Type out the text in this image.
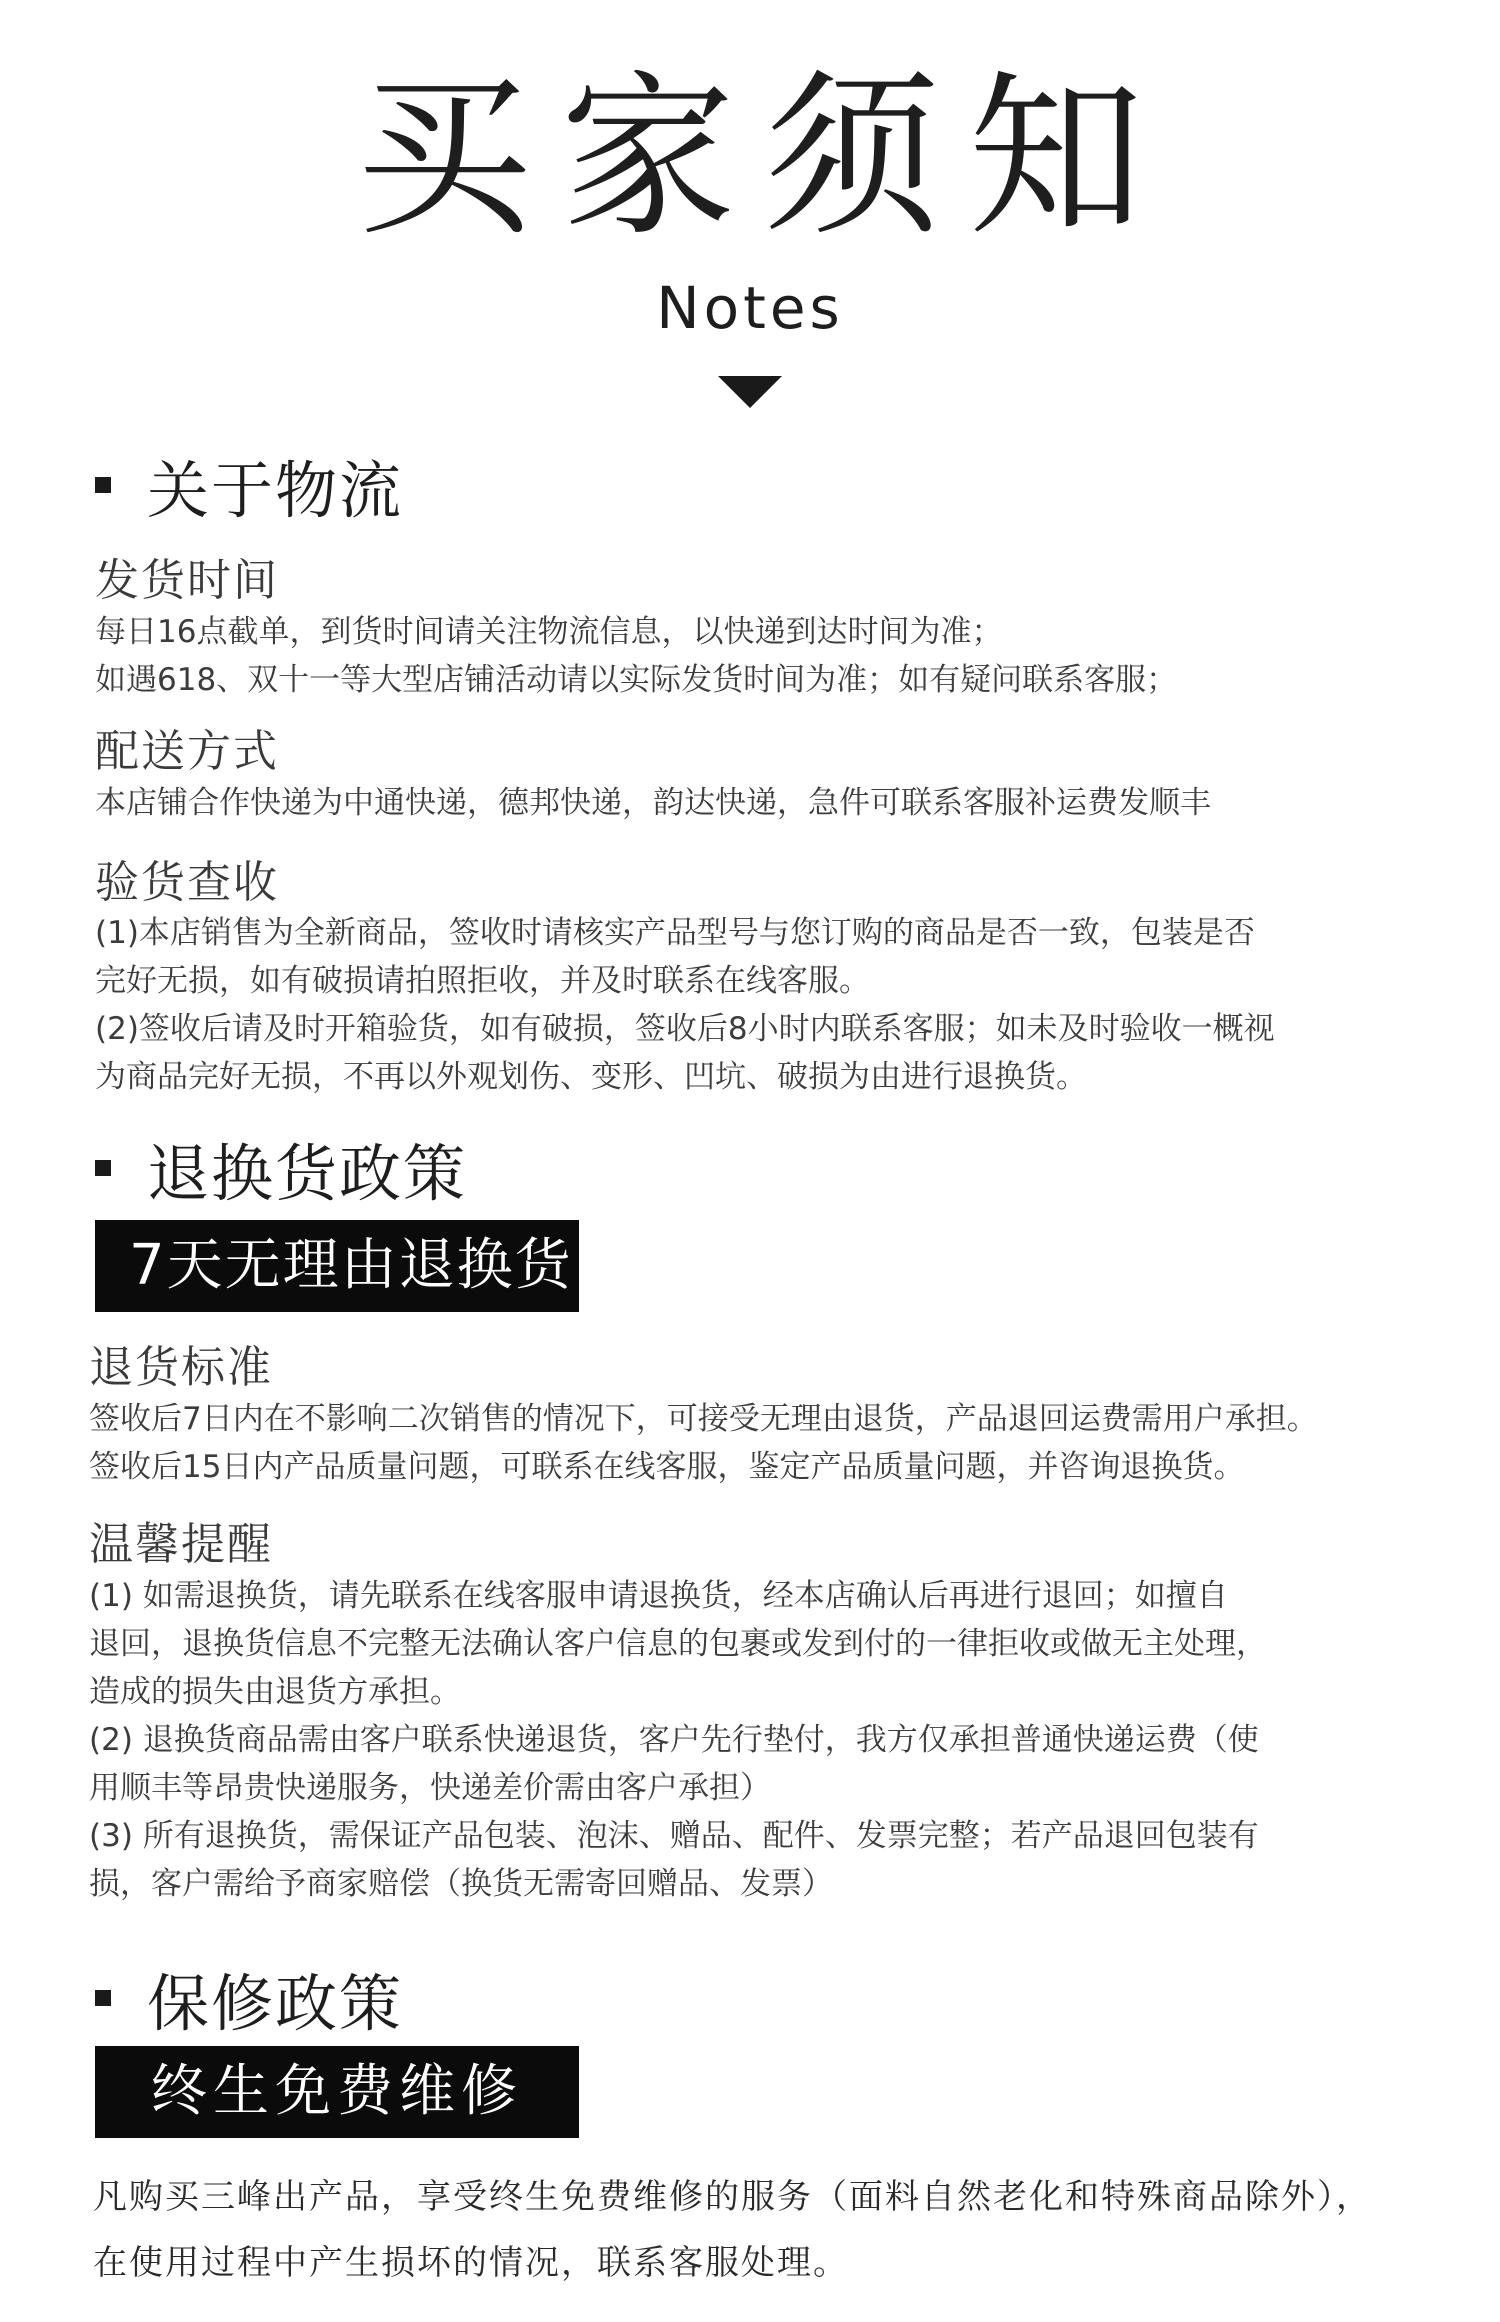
买家须知
Notes
关于物流
发货时间
每日16点截单，到货时间请关注物流信息，以快递到达时间为准；
如遇618、双十一等大型店铺活动请以实际发货时间为准；如有疑问联系客服；
配送方式
本店铺合作快递为中通快递，德邦快递，韵达快递，急件可联系客服补运费发顺丰
验货查收
(1)本店销售为全新商品，签收时请核实产品型号与您订购的商品是否一致，包装是否
完好无损，如有破损请拍照拒收，并及时联系在线客服。
(2)签收后请及时开箱验货，如有破损，签收后8小时内联系客服；如未及时验收一概视
为商品完好无损，不再以外观划伤、变形、凹坑、破损为由进行退换货。
退换货政策
7天无理由退换货
退货标准
签收后7日内在不影响二次销售的情况下，可接受无理由退货，产品退回运费需用户承担。
签收后15日内产品质量问题，可联系在线客服，鉴定产品质量问题，并咨询退换货。
温馨提醒
(1) 如需退换货，请先联系在线客服申请退换货，经本店确认后再进行退回；如擅自
退回，退换货信息不完整无法确认客户信息的包裹或发到付的一律拒收或做无主处理，
造成的损失由退货方承担。
(2) 退换货商品需由客户联系快递退货，客户先行垫付，我方仅承担普通快递运费（使
用顺丰等昂贵快递服务，快递差价需由客户承担）
(3) 所有退换货，需保证产品包装、泡沫、赠品、配件、发票完整；若产品退回包装有
损，客户需给予商家赔偿（换货无需寄回赠品、发票）
保修政策
终生免费维修
凡购买三峰出产品，享受终生免费维修的服务（面料自然老化和特殊商品除外），
在使用过程中产生损坏的情况，联系客服处理。
